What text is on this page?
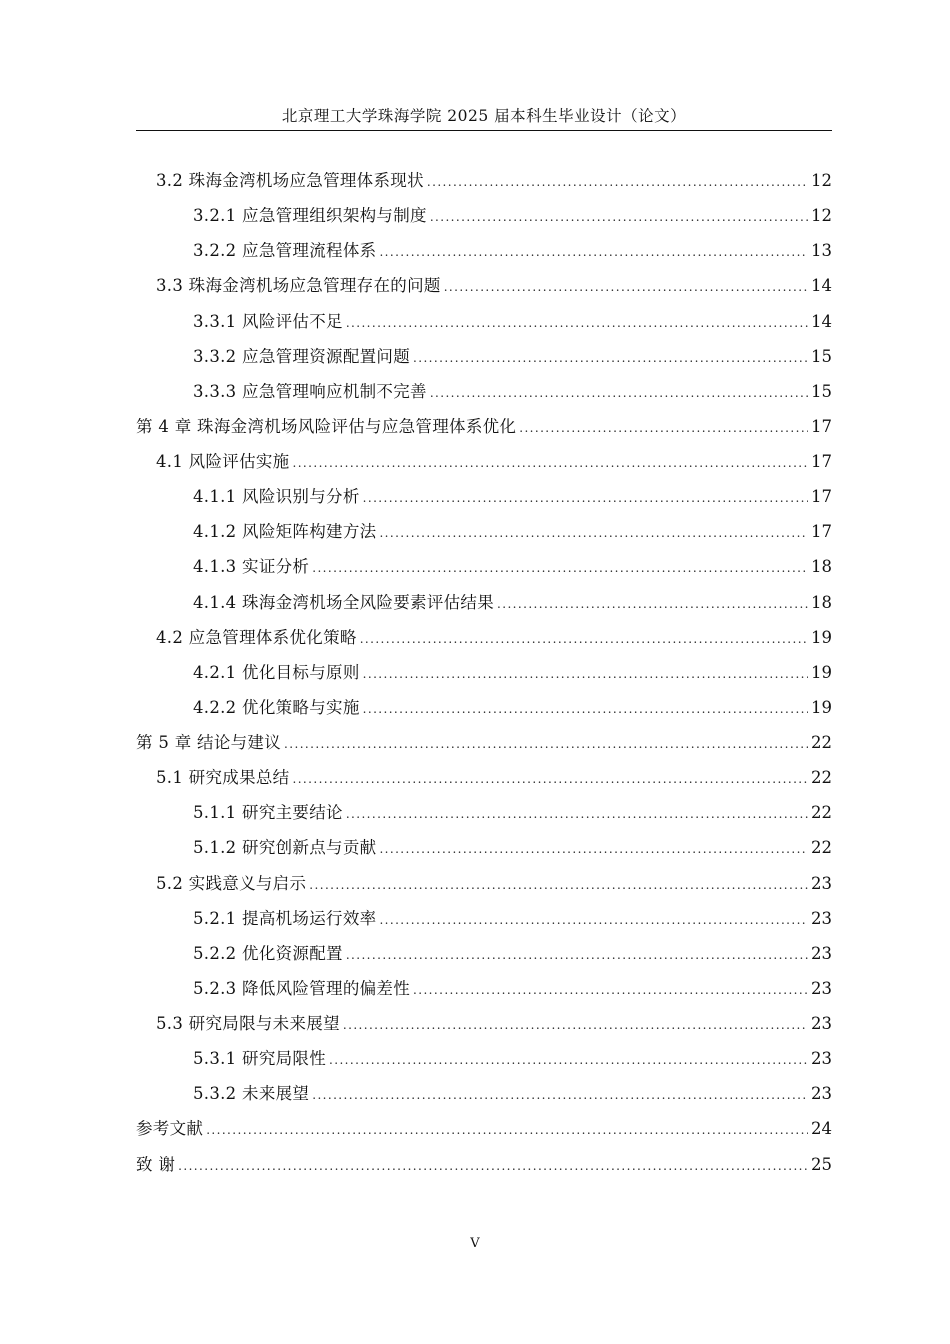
北京理工大学珠海学院 2025 届本科生毕业设计（论文）
3.2 珠海金湾机场应急管理体系现状 .....	12
3.2.1 应急管理组织架构与制度 .....	12
3.2.2 应急管理流程体系 .....	13
3.3 珠海金湾机场应急管理存在的问题 .....	14
3.3.1 风险评估不足 .....	14
3.3.2 应急管理资源配置问题 .....	15
3.3.3 应急管理响应机制不完善 .....	15
第 4 章 珠海金湾机场风险评估与应急管理体系优化 .....	17
4.1 风险评估实施 .....	17
4.1.1 风险识别与分析 .....	17
4.1.2 风险矩阵构建方法 .....	17
4.1.3 实证分析 .....	18
4.1.4 珠海金湾机场全风险要素评估结果 .....	18
4.2 应急管理体系优化策略 .....	19
4.2.1 优化目标与原则 .....	19
4.2.2 优化策略与实施 .....	19
第 5 章 结论与建议 .....	22
5.1 研究成果总结 .....	22
5.1.1 研究主要结论 .....	22
5.1.2 研究创新点与贡献 .....	22
5.2 实践意义与启示 .....	23
5.2.1 提高机场运行效率 .....	23
5.2.2 优化资源配置 .....	23
5.2.3 降低风险管理的偏差性 .....	23
5.3 研究局限与未来展望 .....	23
5.3.1 研究局限性 .....	23
5.3.2 未来展望 .....	23
参考文献 .....	24
致 谢 .....	25
V
